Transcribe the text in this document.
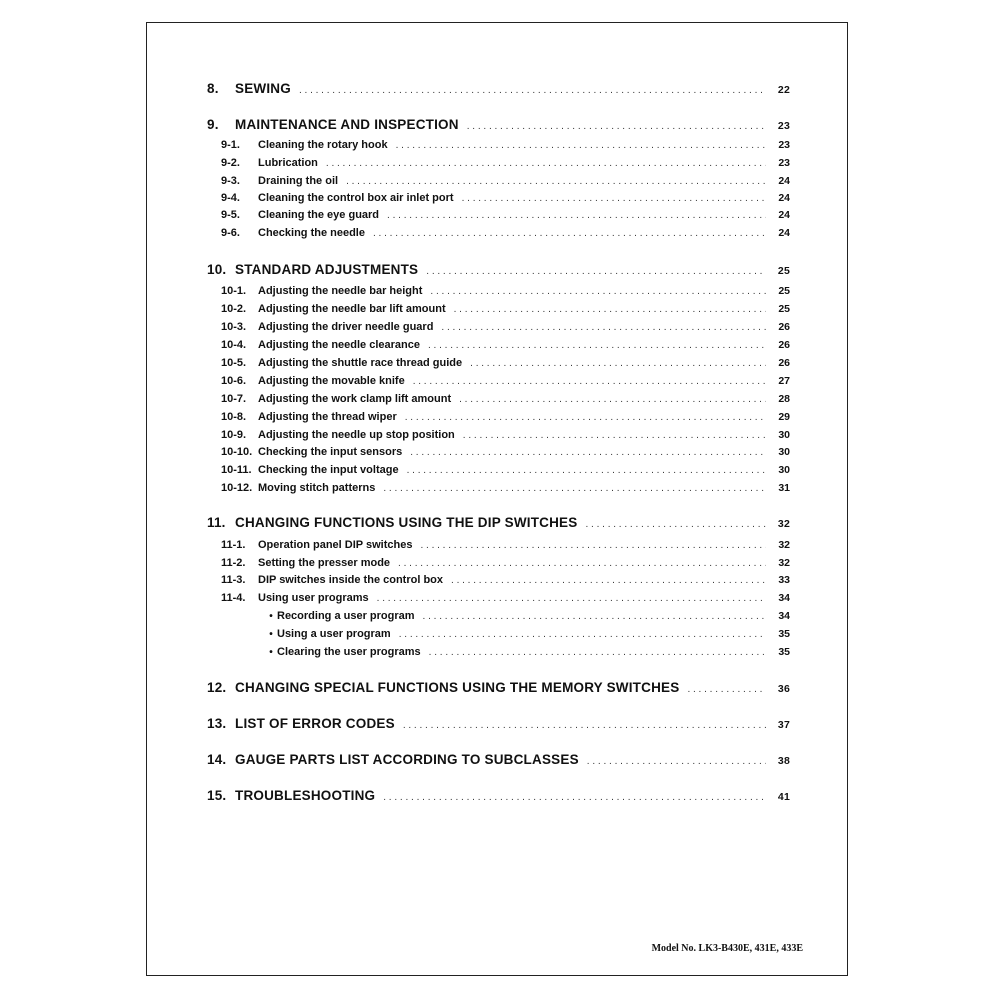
8.	SEWING . . .	22
9.	MAINTENANCE AND INSPECTION . . .	23
9-1.	Cleaning the rotary hook . . .	23
9-2.	Lubrication . . .	23
9-3.	Draining the oil . . .	24
9-4.	Cleaning the control box air inlet port . . .	24
9-5.	Cleaning the eye guard . . .	24
9-6.	Checking the needle . . .	24
10. STANDARD ADJUSTMENTS . . .	25
10-1.	Adjusting the needle bar height . . .	25
10-2.	Adjusting the needle bar lift amount . . .	25
10-3.	Adjusting the driver needle guard . . .	26
10-4.	Adjusting the needle clearance . . .	26
10-5.	Adjusting the shuttle race thread guide . . .	26
10-6.	Adjusting the movable knife . . .	27
10-7.	Adjusting the work clamp lift amount . . .	28
10-8.	Adjusting the thread wiper . . .	29
10-9.	Adjusting the needle up stop position . . .	30
10-10. Checking the input sensors . . .	30
10-11. Checking the input voltage . . .	30
10-12. Moving stitch patterns . . .	31
11. CHANGING FUNCTIONS USING THE DIP SWITCHES . . .	32
11-1.	Operation panel DIP switches . . .	32
11-2.	Setting the presser mode . . .	32
11-3.	DIP switches inside the control box . . .	33
11-4.	Using user programs . . .	34
• Recording a user program . . .	34
• Using a user program . . .	35
• Clearing the user programs . . .	35
12. CHANGING SPECIAL FUNCTIONS USING THE MEMORY SWITCHES . . .	36
13. LIST OF ERROR CODES . . .	37
14. GAUGE PARTS LIST ACCORDING TO SUBCLASSES . . .	38
15. TROUBLESHOOTING . . .	41
Model No. LK3-B430E, 431E, 433E
